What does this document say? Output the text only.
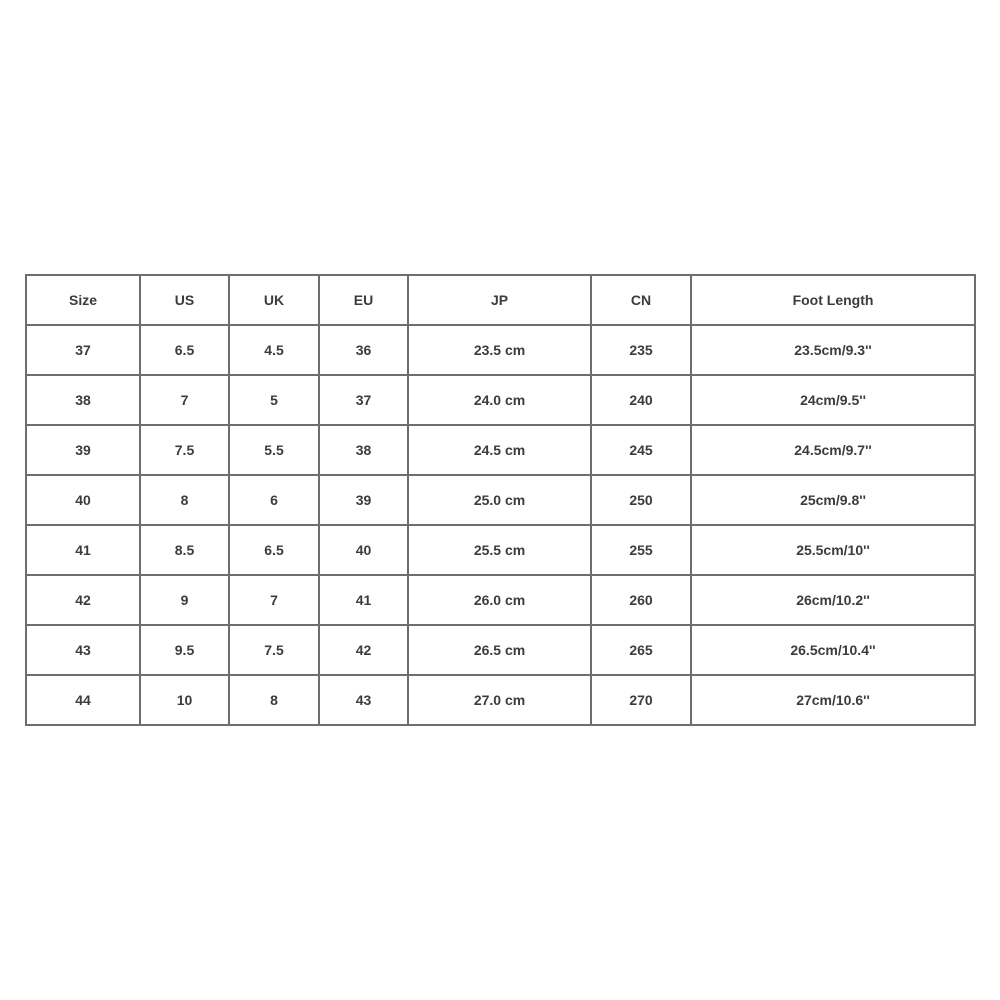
Size	US	UK	EU	JP	CN	Foot Length
37	6.5	4.5	36	23.5 cm	235	23.5cm/9.3''
38	7	5	37	24.0 cm	240	24cm/9.5''
39	7.5	5.5	38	24.5 cm	245	24.5cm/9.7''
40	8	6	39	25.0 cm	250	25cm/9.8''
41	8.5	6.5	40	25.5 cm	255	25.5cm/10''
42	9	7	41	26.0 cm	260	26cm/10.2''
43	9.5	7.5	42	26.5 cm	265	26.5cm/10.4''
44	10	8	43	27.0 cm	270	27cm/10.6''
